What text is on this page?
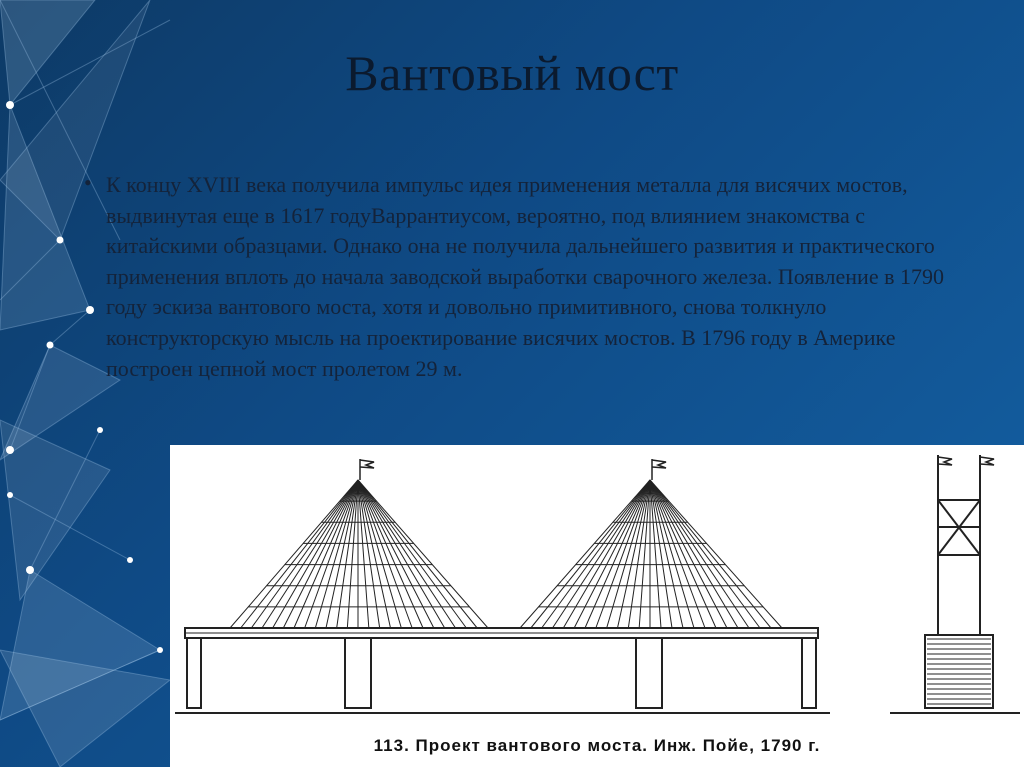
Вантовый мост
• К концу XVIII века получила импульс идея применения металла для висячих мостов, выдвинутая еще в 1617 годуВаррантиусом, вероятно, под влиянием знакомства с китайскими образцами. Однако она не получила дальнейшего развития и практического применения вплоть до начала заводской выработки сварочного железа. Появление в 1790 году эскиза вантового моста, хотя и довольно примитивного, снова толкнуло конструкторскую мысль на проектирование висячих мостов. В 1796 году в Америке построен цепной мост пролетом 29 м.
113. Проект вантового моста. Инж. Пойе, 1790 г.
